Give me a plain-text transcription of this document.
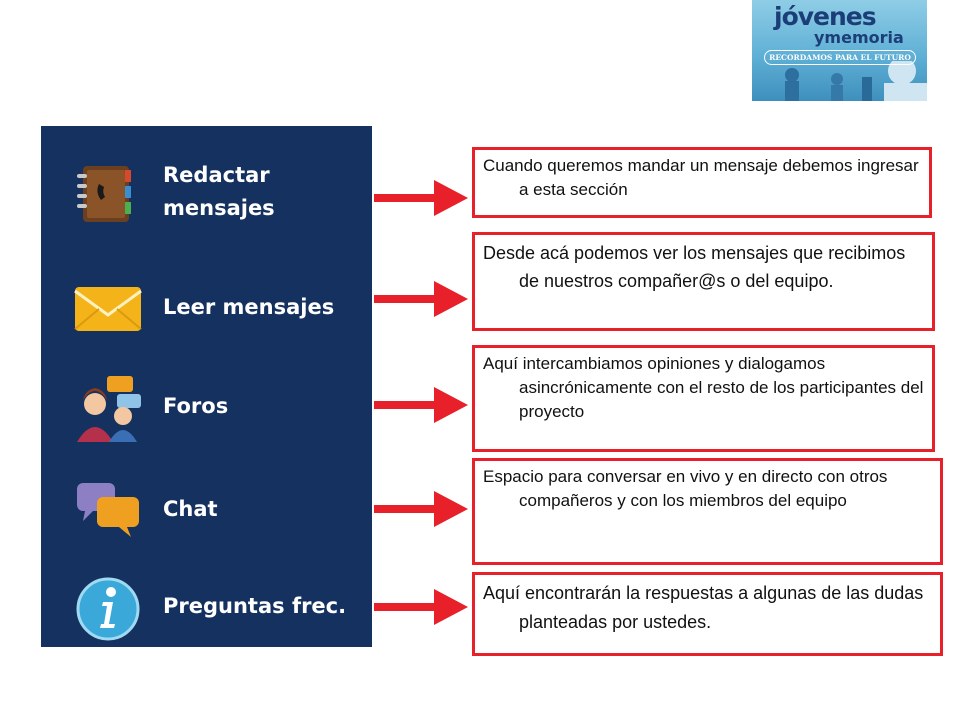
jóvenes
ymemoria
RECORDAMOS PARA EL FUTURO
Redactar
mensajes
Leer mensajes
Foros
Chat
Preguntas frec.
Cuando queremos mandar un mensaje debemos ingresar a esta sección
Desde acá podemos ver los mensajes que recibimos de nuestros compañer@s o del equipo.
Aquí intercambiamos opiniones y dialogamos asincrónicamente con el resto de los participantes del proyecto
Espacio para conversar en vivo y en directo con otros compañeros y con los miembros del equipo
Aquí encontrarán la respuestas a algunas de las dudas planteadas por ustedes.
